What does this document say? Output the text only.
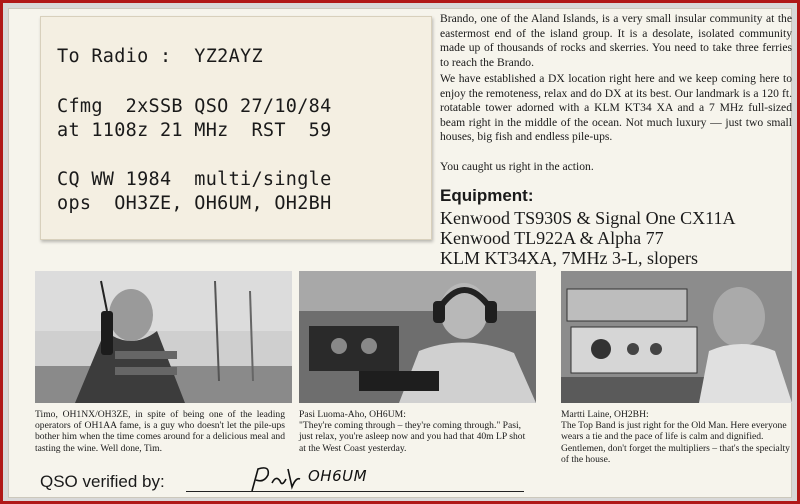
To Radio :  YZ2AYZ
Cfmg  2xSSB QSO 27/10/84
at 1108z 21 MHz  RST  59
CQ WW 1984  multi/single
ops  OH3ZE, OH6UM, OH2BH
Brando, one of the Aland Islands, is a very small insular community at the eastermost end of the island group. It is a desolate, isolated community made up of thousands of rocks and skerries. You need to take three ferries to reach the Brando.
We have established a DX location right here and we keep coming here to enjoy the remoteness, relax and do DX at its best. Our landmark is a 120 ft. rotatable tower adorned with a KLM KT34 XA and a 7 MHz full-sized beam right in the middle of the ocean. Not much luxury — just two small houses, big fish and endless pile-ups.
You caught us right in the action.
Equipment:
Kenwood TS930S & Signal One CX11A
Kenwood TL922A & Alpha 77
KLM KT34XA, 7MHz 3-L, slopers
Timo, OH1NX/OH3ZE, in spite of being one of the leading operators of OH1AA fame, is a guy who doesn't let the pile-ups bother him when the time comes around for a delicious meal and tasting the wine. Well done, Tim.
Pasi Luoma-Aho, OH6UM:
"They're coming through – they're coming through." Pasi, just relax, you're asleep now and you had that 40m LP shot at the West Coast yesterday.
Martti Laine, OH2BH:
The Top Band is just right for the Old Man. Here everyone wears a tie and the pace of life is calm and dignified. Gentlemen, don't forget the multipliers – that's the specialty of the house.
QSO verified by:	OH6UM
